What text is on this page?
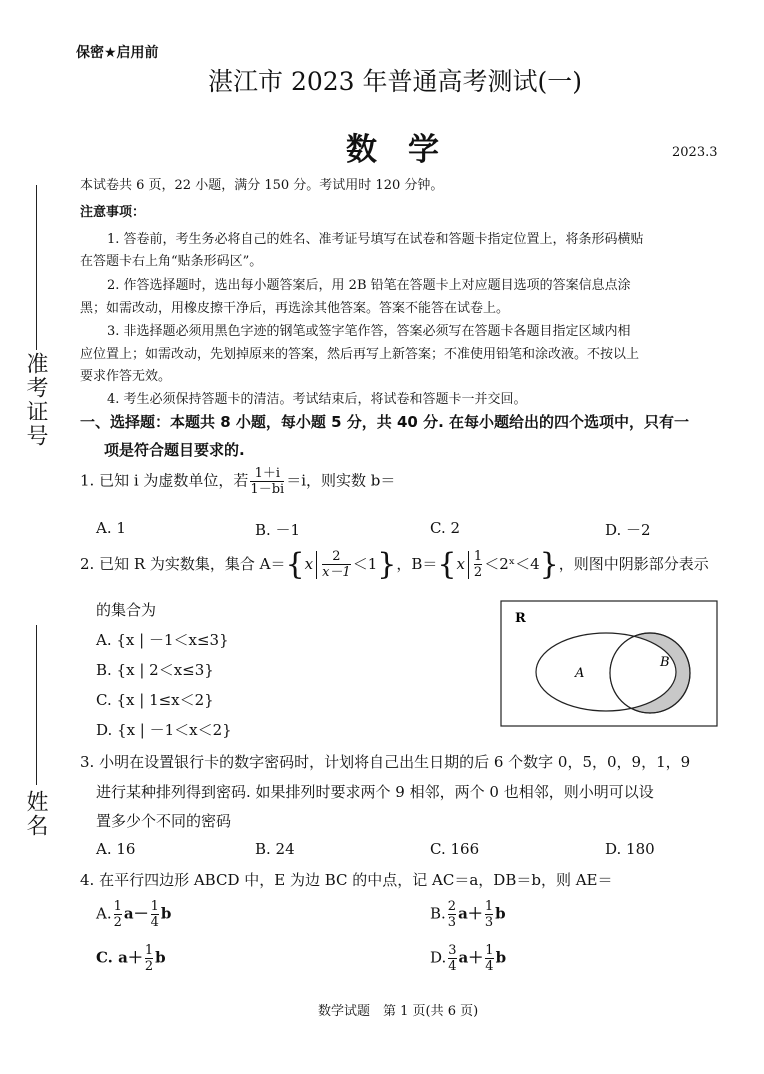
保密★启用前
湛江市 2023 年普通高考测试(一)
数　学	2023.3
准考证号
姓名
本试卷共 6 页，22 小题，满分 150 分。考试用时 120 分钟。
注意事项：
1. 答卷前，考生务必将自己的姓名、准考证号填写在试卷和答题卡指定位置上，将条形码横贴
在答题卡右上角“贴条形码区”。
2. 作答选择题时，选出每小题答案后，用 2B 铅笔在答题卡上对应题目选项的答案信息点涂
黑；如需改动，用橡皮擦干净后，再选涂其他答案。答案不能答在试卷上。
3. 非选择题必须用黑色字迹的钢笔或签字笔作答，答案必须写在答题卡各题目指定区域内相
应位置上；如需改动，先划掉原来的答案，然后再写上新答案；不准使用铅笔和涂改液。不按以上
要求作答无效。
4. 考生必须保持答题卡的清洁。考试结束后，将试卷和答题卡一并交回。
一、选择题：本题共 8 小题，每小题 5 分，共 40 分. 在每小题给出的四个选项中，只有一
项是符合题目要求的.
1. 已知 i 为虚数单位，若 $\frac{1+i}{1-bi} =i$，则实数 b＝
A. 1	B. －1	C. 2	D. －2
2. 已知 R 为实数集，集合 $A=\{x \frac{2}{x-1} <1\}$，$B=\{x \frac{1}{2}$ ＜2ˣ＜4}，则图中阴影部分表示
的集合为
A. {x | －1＜x≤3}
B. {x | 2＜x≤3}
C. {x | 1≤x＜2}
D. {x | －1＜x＜2}
R
A
B
3. 小明在设置银行卡的数字密码时，计划将自己出生日期的后 6 个数字 0，5，0，9，1，9
进行某种排列得到密码. 如果排列时要求两个 9 相邻，两个 0 也相邻，则小明可以设
置多少个不同的密码
A. 16	B. 24	C. 166	D. 180
4. 在平行四边形 ABCD 中，E 为边 BC 的中点，记 AC＝a，DB＝b，则 AE＝
A. $\frac{1}{2} a- \frac{1}{4}$ b	B. $\frac{2}{3} a+ \frac{1}{3}$ b
C. $a+ \frac{1}{2}$ b	D. $\frac{3}{4} a+ \frac{1}{4}$ b
数学试题　第 1 页(共 6 页)
